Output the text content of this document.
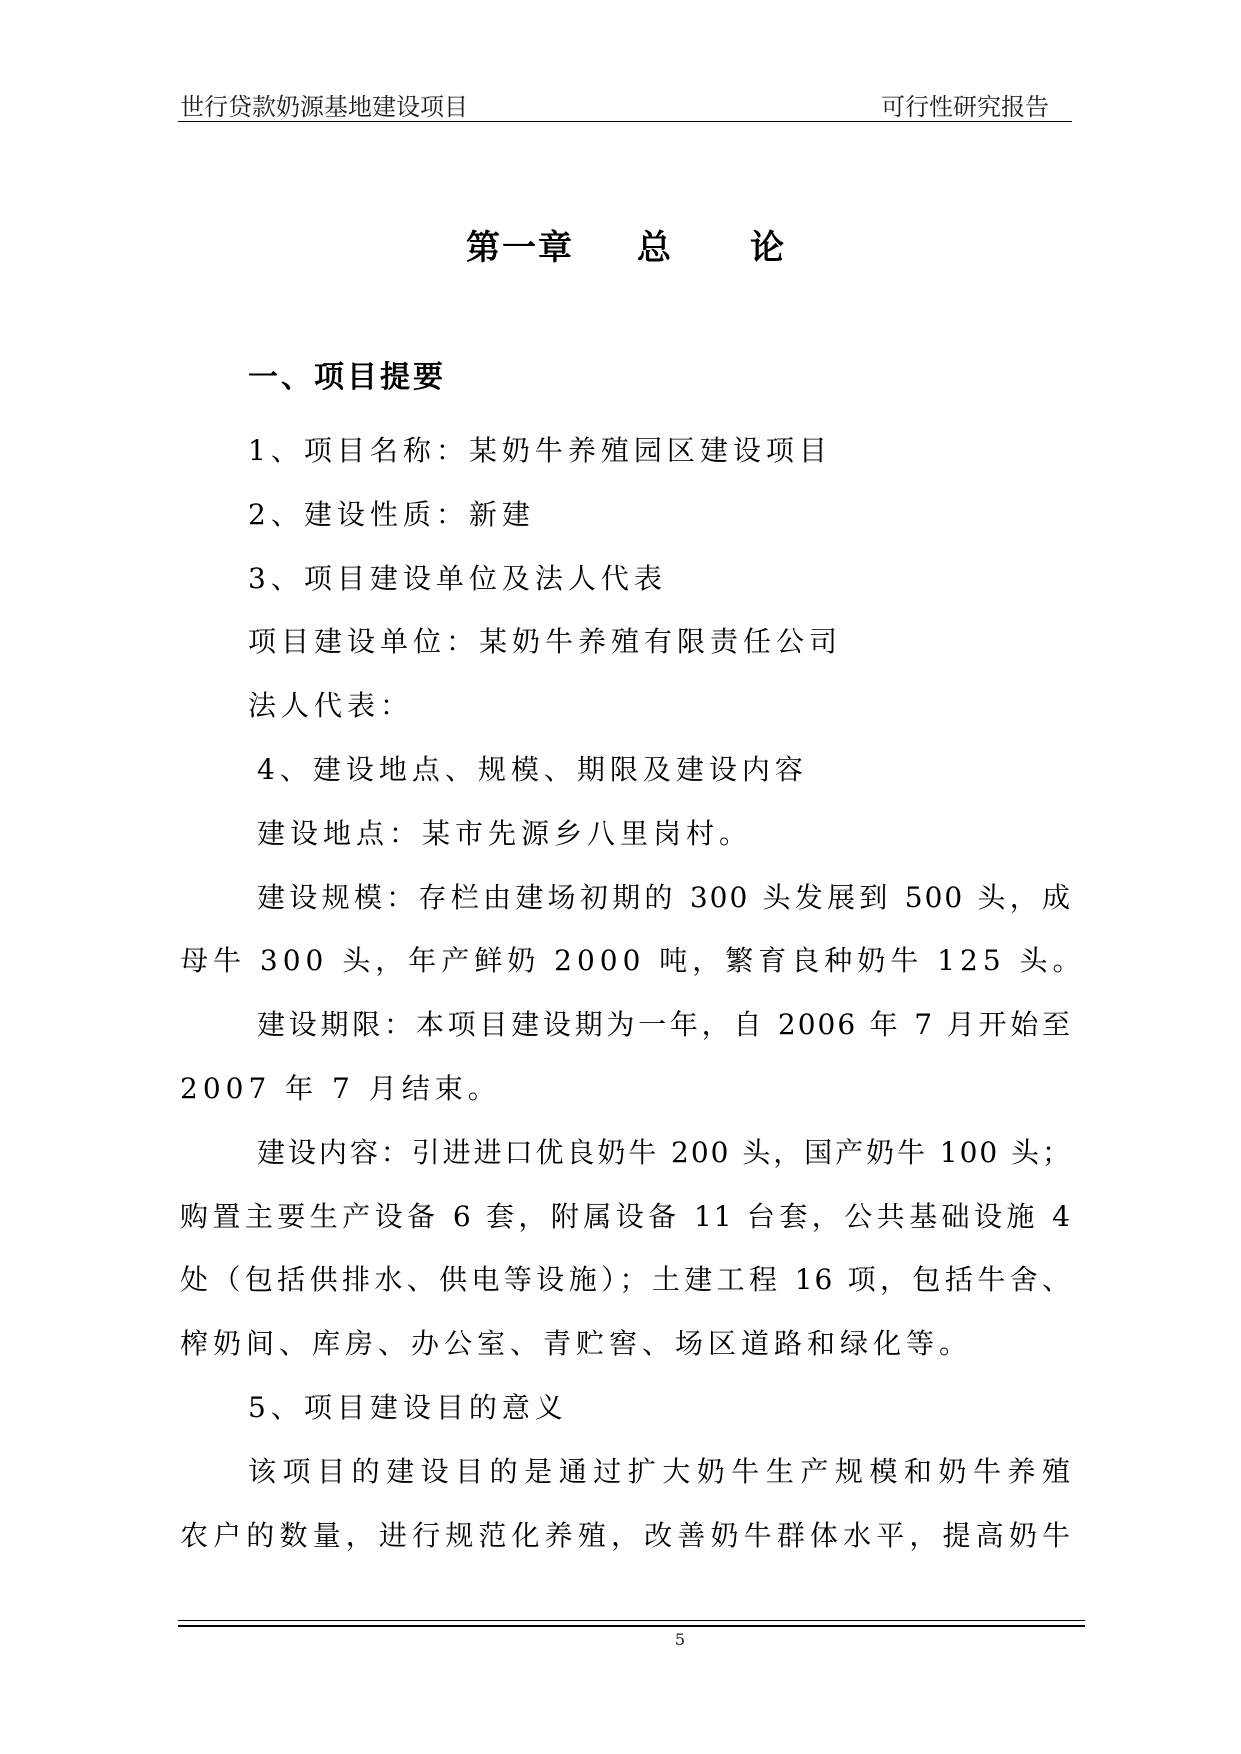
世行贷款奶源基地建设项目	可行性研究报告
第一章 总 论
一、项目提要
1、项目名称：某奶牛养殖园区建设项目
2、建设性质：新建
3、项目建设单位及法人代表
项目建设单位：某奶牛养殖有限责任公司
法人代表：
4、建设地点、规模、期限及建设内容
建设地点：某市先源乡八里岗村。
建设规模：存栏由建场初期的 300 头发展到 500 头，成
母牛 300 头，年产鲜奶 2000 吨，繁育良种奶牛 125 头。
建设期限：本项目建设期为一年，自 2006 年 7 月开始至
2007 年 7 月结束。
建设内容：引进进口优良奶牛 200 头，国产奶牛 100 头；
购置主要生产设备 6 套，附属设备 11 台套，公共基础设施 4
处（包括供排水、供电等设施）；土建工程 16 项，包括牛舍、
榨奶间、库房、办公室、青贮窖、场区道路和绿化等。
5、项目建设目的意义
该项目的建设目的是通过扩大奶牛生产规模和奶牛养殖
农户的数量，进行规范化养殖，改善奶牛群体水平，提高奶牛
5
